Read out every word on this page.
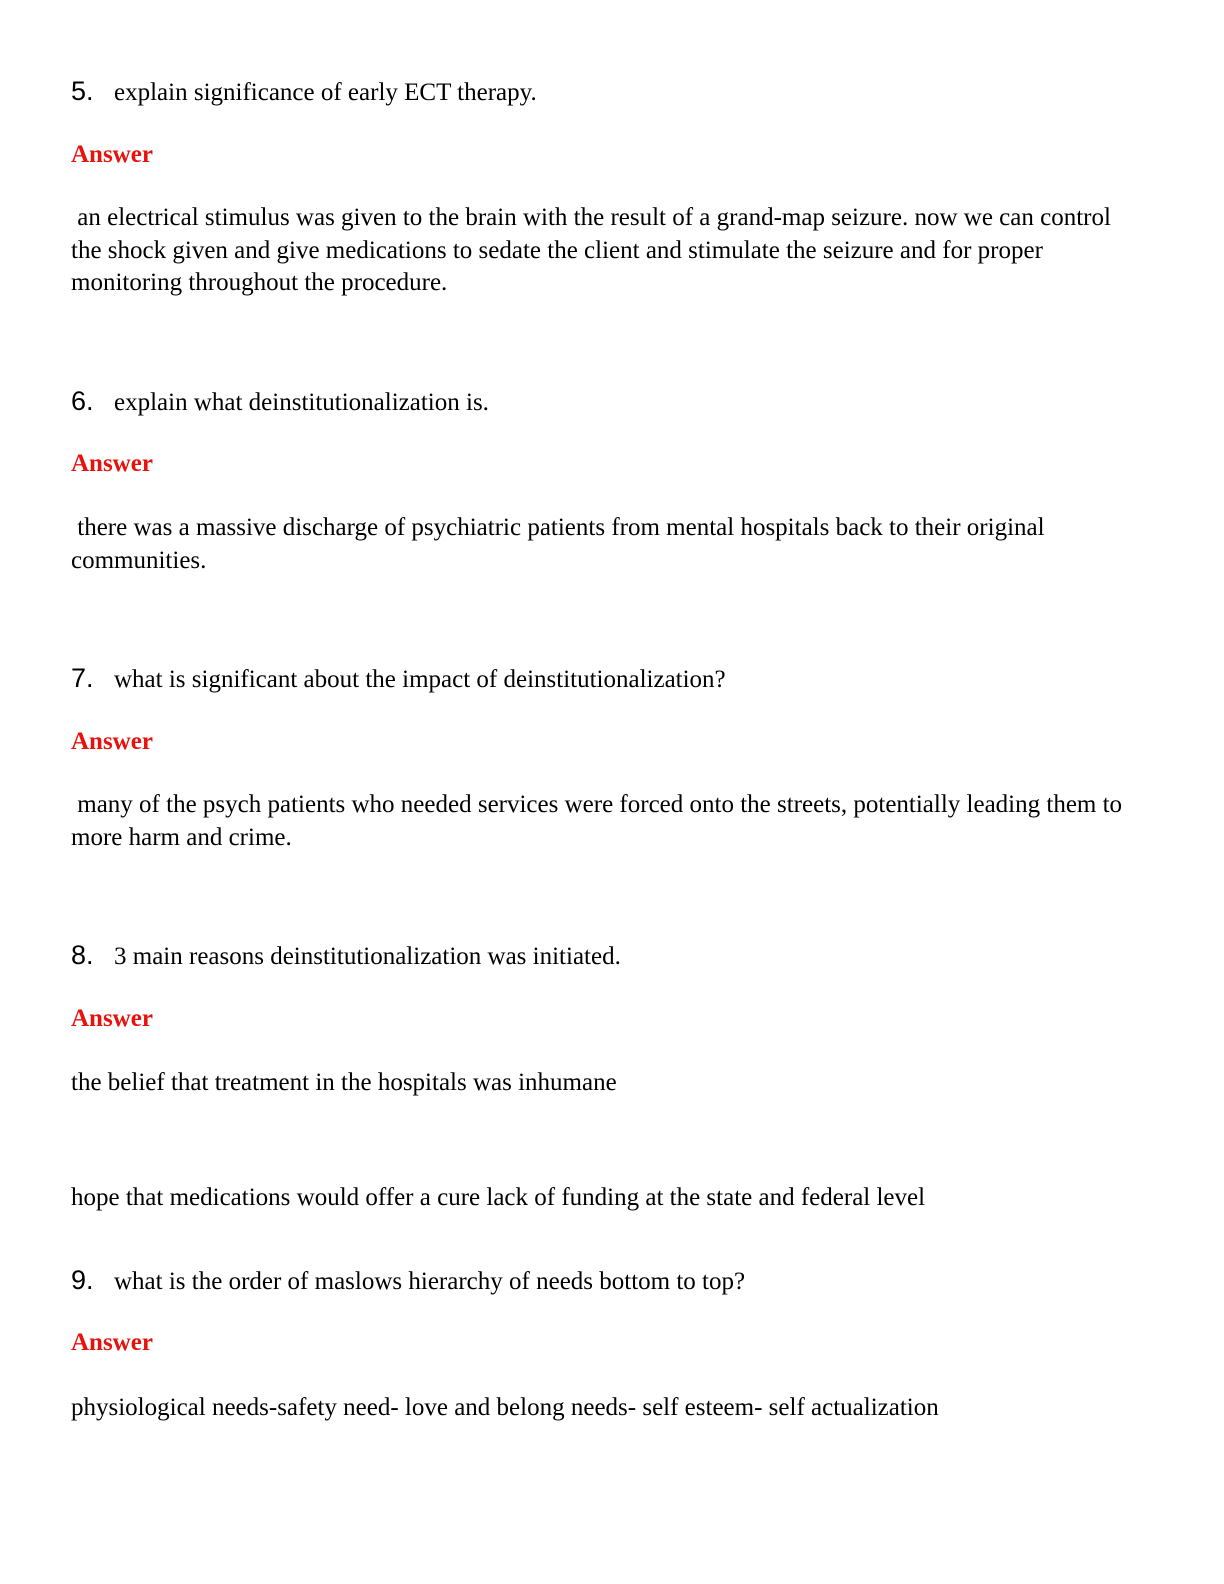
5. explain significance of early ECT therapy.
Answer
an electrical stimulus was given to the brain with the result of a grand-map seizure. now we can control the shock given and give medications to sedate the client and stimulate the seizure and for proper monitoring throughout the procedure.
6. explain what deinstitutionalization is.
Answer
there was a massive discharge of psychiatric patients from mental hospitals back to their original communities.
7. what is significant about the impact of deinstitutionalization?
Answer
many of the psych patients who needed services were forced onto the streets, potentially leading them to more harm and crime.
8. 3 main reasons deinstitutionalization was initiated.
Answer
the belief that treatment in the hospitals was inhumane
hope that medications would offer a cure lack of funding at the state and federal level
9. what is the order of maslows hierarchy of needs bottom to top?
Answer
physiological needs-safety need- love and belong needs- self esteem- self actualization
